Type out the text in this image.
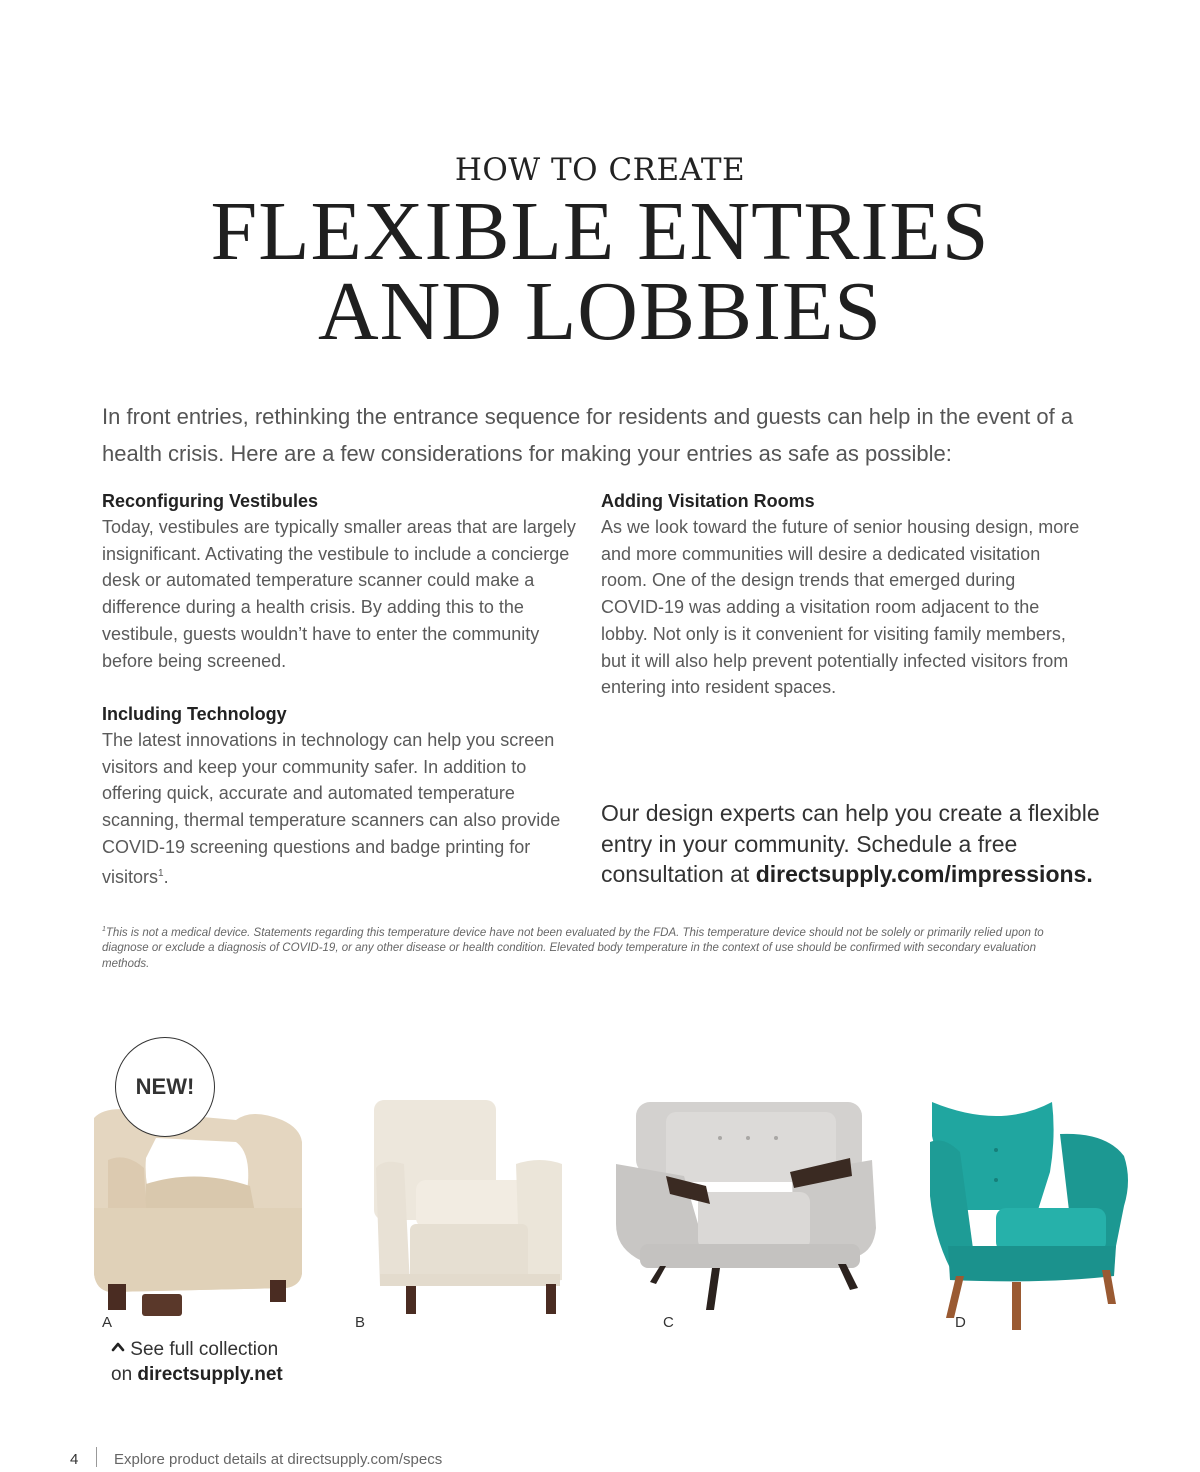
HOW TO CREATE
FLEXIBLE ENTRIES
AND LOBBIES
In front entries, rethinking the entrance sequence for residents and guests can help in the event of a health crisis. Here are a few considerations for making your entries as safe as possible:
Reconfiguring Vestibules

Today, vestibules are typically smaller areas that are largely insignificant. Activating the vestibule to include a concierge desk or automated temperature scanner could make a difference during a health crisis. By adding this to the vestibule, guests wouldn’t have to enter the community before being screened.

Including Technology

The latest innovations in technology can help you screen visitors and keep your community safer. In addition to offering quick, accurate and automated temperature scanning, thermal temperature scanners can also provide COVID-19 screening questions and badge printing for visitors$^1$.

Adding Visitation Rooms

As we look toward the future of senior housing design, more and more communities will desire a dedicated visitation room. One of the design trends that emerged during COVID-19 was adding a visitation room adjacent to the lobby. Not only is it convenient for visiting family members, but it will also help prevent potentially infected visitors from entering into resident spaces.

Our design experts can help you create a flexible entry in your community. Schedule a free consultation at directsupply.com/impressions.
$^1$This is not a medical device. Statements regarding this temperature device have not been evaluated by the FDA. This temperature device should not be solely or primarily relied upon to diagnose or exclude a diagnosis of COVID-19, or any other disease or health condition. Elevated body temperature in the context of use should be confirmed with secondary evaluation methods.
NEW!
A	B	C	D
See full collection
on directsupply.net
4 Explore product details at directsupply.com/specs
